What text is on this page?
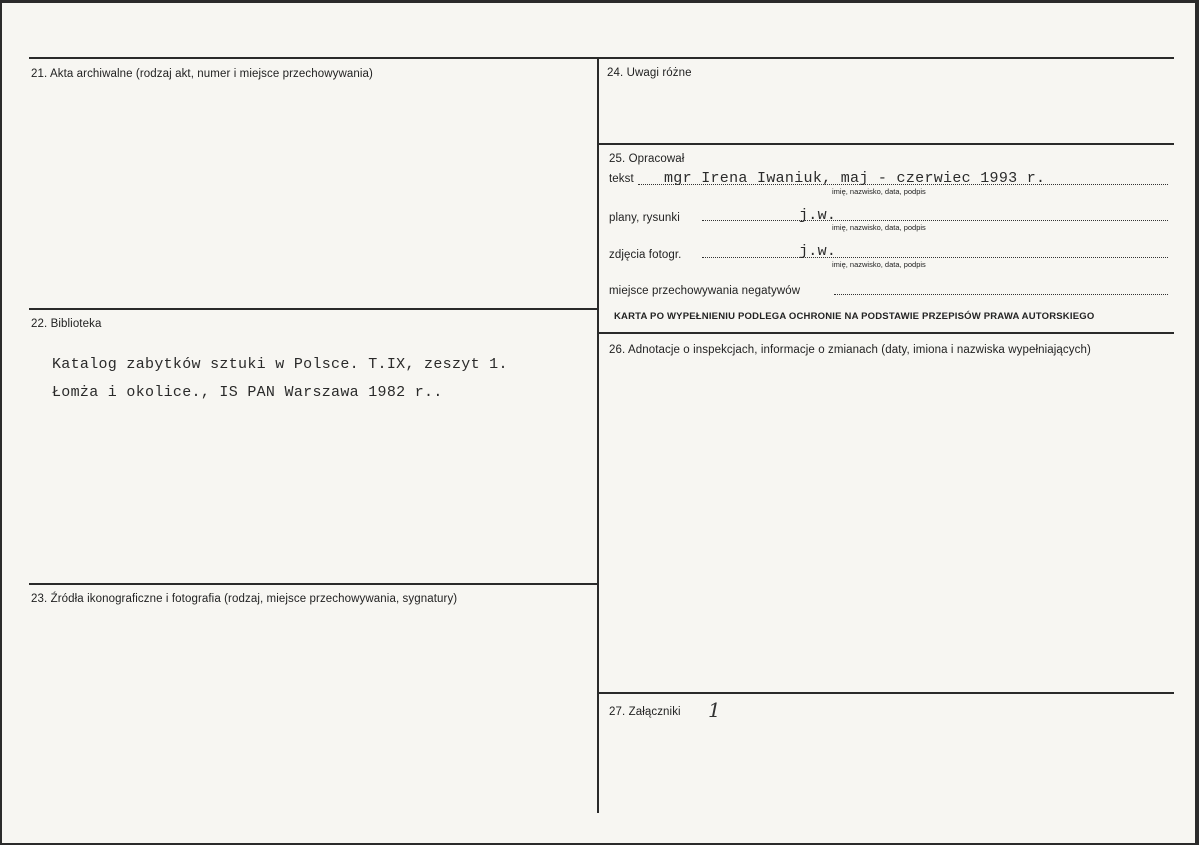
21. Akta archiwalne (rodzaj akt, numer i miejsce przechowywania)
22. Biblioteka
Katalog zabytków sztuki w Polsce. T.IX, zeszyt 1.
Łomża i okolice., IS PAN Warszawa 1982 r..
23. Źródła ikonograficzne i fotografia (rodzaj, miejsce przechowywania, sygnatury)
24. Uwagi różne
25. Opracował
tekst mgr Irena Iwaniuk, maj - czerwiec 1993 r.
imię, nazwisko, data, podpis
plany, rysunki	j.w.
imię, nazwisko, data, podpis
zdjęcia fotogr.	j.w.
imię, nazwisko, data, podpis
miejsce przechowywania negatywów
KARTA PO WYPEŁNIENIU PODLEGA OCHRONIE NA PODSTAWIE PRZEPISÓW PRAWA AUTORSKIEGO
26. Adnotacje o inspekcjach, informacje o zmianach (daty, imiona i nazwiska wypełniających)
27. Załączniki 1
